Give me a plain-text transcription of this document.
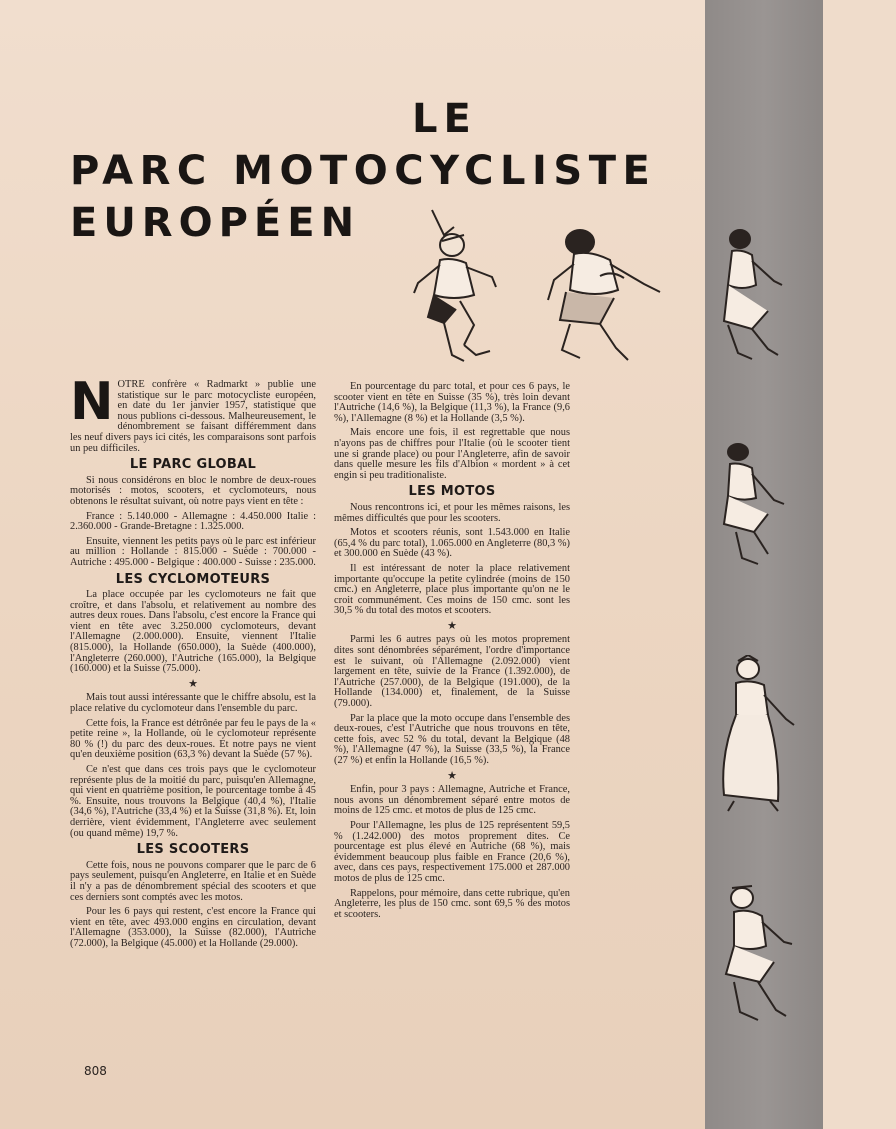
LE
PARC MOTOCYCLISTE
EUROPÉEN

NOTRE confrère « Radmarkt » publie une statistique sur le parc motocycliste européen, en date du 1er janvier 1957, statistique que nous publions ci-dessous. Malheureusement, le dénombrement se faisant différemment dans les neuf divers pays ici cités, les comparaisons sont parfois un peu difficiles.

LE PARC GLOBAL

Si nous considérons en bloc le nombre de deux-roues motorisés : motos, scooters, et cyclomoteurs, nous obtenons le résultat suivant, où notre pays vient en tête :

France : 5.140.000 - Allemagne : 4.450.000 Italie : 2.360.000 - Grande-Bretagne : 1.325.000.

Ensuite, viennent les petits pays où le parc est inférieur au million : Hollande : 815.000 - Suède : 700.000 - Autriche : 495.000 - Belgique : 400.000 - Suisse : 235.000.

LES CYCLOMOTEURS

La place occupée par les cyclomoteurs ne fait que croître, et dans l'absolu, et relativement au nombre des autres deux roues. Dans l'absolu, c'est encore la France qui vient en tête avec 3.250.000 cyclomoteurs, devant l'Allemagne (2.000.000). Ensuite, viennent l'Italie (815.000), la Hollande (650.000), la Suède (400.000), l'Angleterre (260.000), l'Autriche (165.000), la Belgique (160.000) et la Suisse (75.000).

★

Mais tout aussi intéressante que le chiffre absolu, est la place relative du cyclomoteur dans l'ensemble du parc.

Cette fois, la France est détrônée par feu le pays de la « petite reine », la Hollande, où le cyclomoteur représente 80 % (!) du parc des deux-roues. Et notre pays ne vient qu'en deuxième position (63,3 %) devant la Suède (57 %).

Ce n'est que dans ces trois pays que le cyclomoteur représente plus de la moitié du parc, puisqu'en Allemagne, qui vient en quatrième position, le pourcentage tombe à 45 %. Ensuite, nous trouvons la Belgique (40,4 %), l'Italie (34,6 %), l'Autriche (33,4 %) et la Suisse (31,8 %). Et, loin derrière, vient évidemment, l'Angleterre avec seulement (ou quand même) 19,7 %.

LES SCOOTERS

Cette fois, nous ne pouvons comparer que le parc de 6 pays seulement, puisqu'en Angleterre, en Italie et en Suède il n'y a pas de dénombrement spécial des scooters et que ces derniers sont comptés avec les motos.

Pour les 6 pays qui restent, c'est encore la France qui vient en tête, avec 493.000 engins en circulation, devant l'Allemagne (353.000), la Suisse (82.000), l'Autriche (72.000), la Belgique (45.000) et la Hollande (29.000).

En pourcentage du parc total, et pour ces 6 pays, le scooter vient en tête en Suisse (35 %), très loin devant l'Autriche (14,6 %), la Belgique (11,3 %), la France (9,6 %), l'Allemagne (8 %) et la Hollande (3,5 %).

Mais encore une fois, il est regrettable que nous n'ayons pas de chiffres pour l'Italie (où le scooter tient une si grande place) ou pour l'Angleterre, afin de savoir dans quelle mesure les fils d'Albion « mordent » à cet engin si peu traditionaliste.

LES MOTOS

Nous rencontrons ici, et pour les mêmes raisons, les mêmes difficultés que pour les scooters.

Motos et scooters réunis, sont 1.543.000 en Italie (65,4 % du parc total), 1.065.000 en Angleterre (80,3 %) et 300.000 en Suède (43 %).

Il est intéressant de noter la place relativement importante qu'occupe la petite cylindrée (moins de 150 cmc.) en Angleterre, place plus importante qu'on ne le croit communément. Ces moins de 150 cmc. sont les 30,5 % du total des motos et scooters.

★

Parmi les 6 autres pays où les motos proprement dites sont dénombrées séparément, l'ordre d'importance est le suivant, où l'Allemagne (2.092.000) vient largement en tête, suivie de la France (1.392.000), de l'Autriche (257.000), de la Belgique (191.000), de la Hollande (134.000) et, finalement, de la Suisse (79.000).

Par la place que la moto occupe dans l'ensemble des deux-roues, c'est l'Autriche que nous trouvons en tête, cette fois, avec 52 % du total, devant la Belgique (48 %), l'Allemagne (47 %), la Suisse (33,5 %), la France (27 %) et enfin la Hollande (16,5 %).

★

Enfin, pour 3 pays : Allemagne, Autriche et France, nous avons un dénombrement séparé entre motos de moins de 125 cmc. et motos de plus de 125 cmc.

Pour l'Allemagne, les plus de 125 représentent 59,5 % (1.242.000) des motos proprement dites. Ce pourcentage est plus élevé en Autriche (68 %), mais évidemment beaucoup plus faible en France (20,6 %), avec, dans ces pays, respectivement 175.000 et 287.000 motos de plus de 125 cmc.

Rappelons, pour mémoire, dans cette rubrique, qu'en Angleterre, les plus de 150 cmc. sont 69,5 % des motos et scooters.

808
